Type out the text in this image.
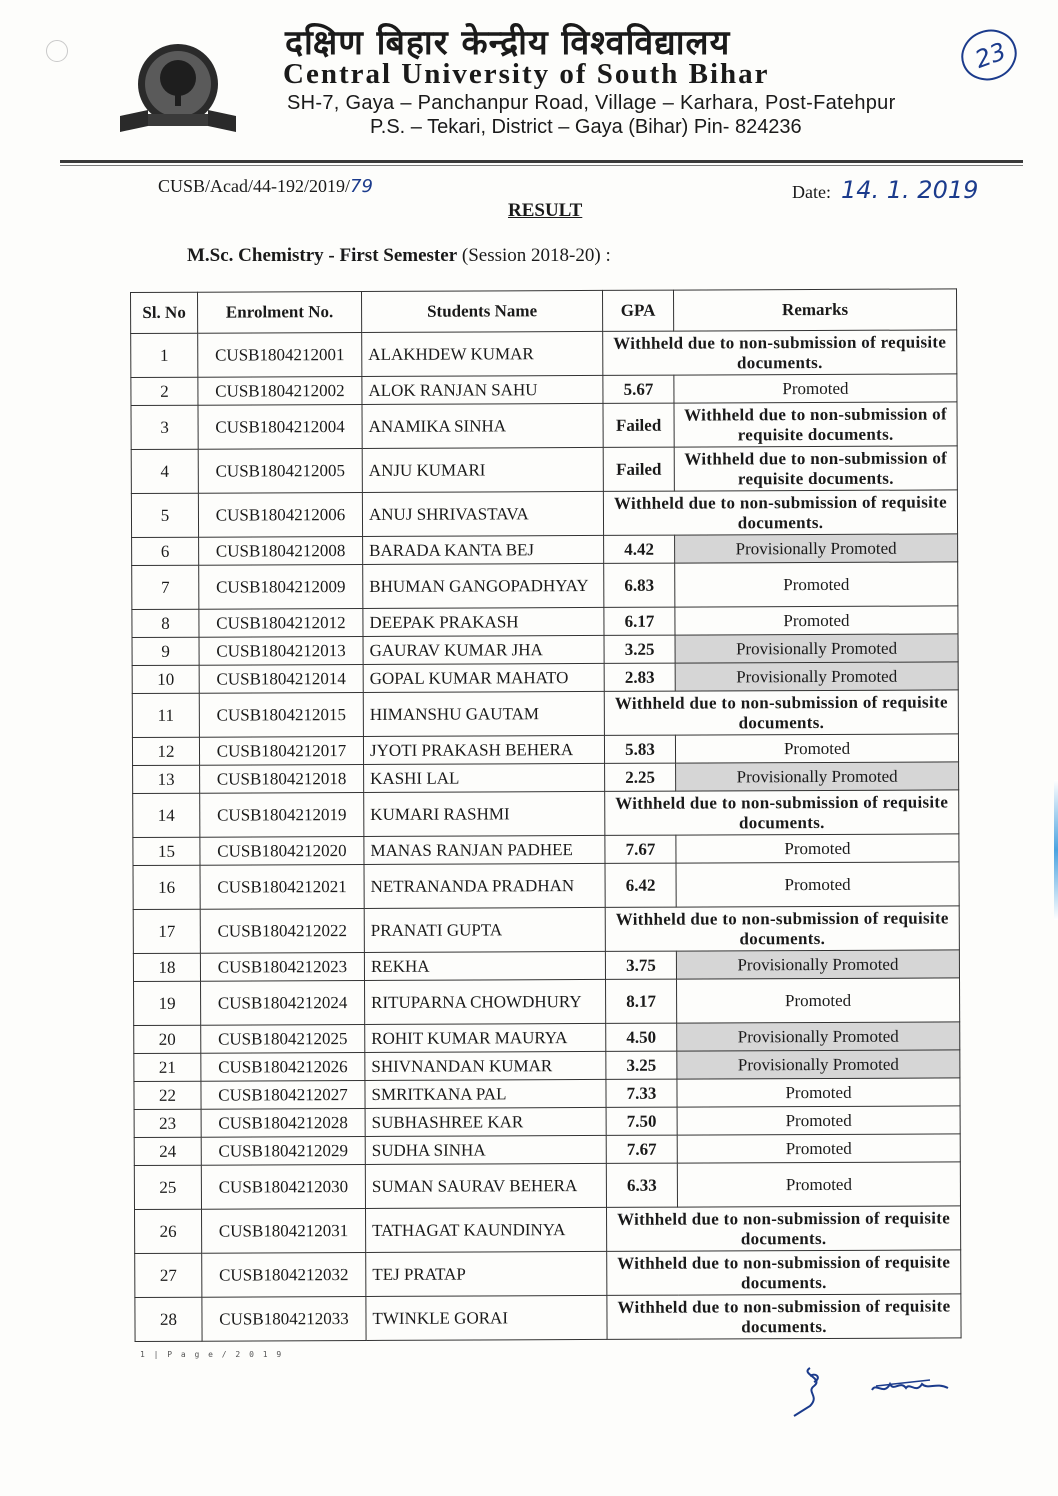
दक्षिण बिहार केन्द्रीय विश्वविद्यालय
Central University of South Bihar
SH-7, Gaya – Panchanpur Road, Village – Karhara, Post-Fatehpur
P.S. – Tekari, District – Gaya (Bihar) Pin- 824236
23
CUSB/Acad/44-192/2019/79	Date: 14. 1. 2019
RESULT
M.Sc. Chemistry - First Semester (Session 2018-20) :
Sl. No	Enrolment No.	Students Name	GPA	Remarks
1	CUSB1804212001	ALAKHDEW KUMAR	Withheld due to non-submission of requisite documents.	
2	CUSB1804212002	ALOK RANJAN SAHU	5.67	Promoted
3	CUSB1804212004	ANAMIKA SINHA	Failed	Withheld due to non-submission of requisite documents.
4	CUSB1804212005	ANJU KUMARI	Failed	Withheld due to non-submission of requisite documents.
5	CUSB1804212006	ANUJ SHRIVASTAVA	Withheld due to non-submission of requisite documents.	
6	CUSB1804212008	BARADA KANTA BEJ	4.42	Provisionally Promoted
7	CUSB1804212009	BHUMAN GANGOPADHYAY	6.83	Promoted
8	CUSB1804212012	DEEPAK PRAKASH	6.17	Promoted
9	CUSB1804212013	GAURAV KUMAR JHA	3.25	Provisionally Promoted
10	CUSB1804212014	GOPAL KUMAR MAHATO	2.83	Provisionally Promoted
11	CUSB1804212015	HIMANSHU GAUTAM	Withheld due to non-submission of requisite documents.	
12	CUSB1804212017	JYOTI PRAKASH BEHERA	5.83	Promoted
13	CUSB1804212018	KASHI LAL	2.25	Provisionally Promoted
14	CUSB1804212019	KUMARI RASHMI	Withheld due to non-submission of requisite documents.	
15	CUSB1804212020	MANAS RANJAN PADHEE	7.67	Promoted
16	CUSB1804212021	NETRANANDA PRADHAN	6.42	Promoted
17	CUSB1804212022	PRANATI GUPTA	Withheld due to non-submission of requisite documents.	
18	CUSB1804212023	REKHA	3.75	Provisionally Promoted
19	CUSB1804212024	RITUPARNA CHOWDHURY	8.17	Promoted
20	CUSB1804212025	ROHIT KUMAR MAURYA	4.50	Provisionally Promoted
21	CUSB1804212026	SHIVNANDAN KUMAR	3.25	Provisionally Promoted
22	CUSB1804212027	SMRITKANA PAL	7.33	Promoted
23	CUSB1804212028	SUBHASHREE KAR	7.50	Promoted
24	CUSB1804212029	SUDHA SINHA	7.67	Promoted
25	CUSB1804212030	SUMAN SAURAV BEHERA	6.33	Promoted
26	CUSB1804212031	TATHAGAT KAUNDINYA	Withheld due to non-submission of requisite documents.	
27	CUSB1804212032	TEJ PRATAP	Withheld due to non-submission of requisite documents.	
28	CUSB1804212033	TWINKLE GORAI	Withheld due to non-submission of requisite documents.	
1 | P a g e / 2 0 1 9
